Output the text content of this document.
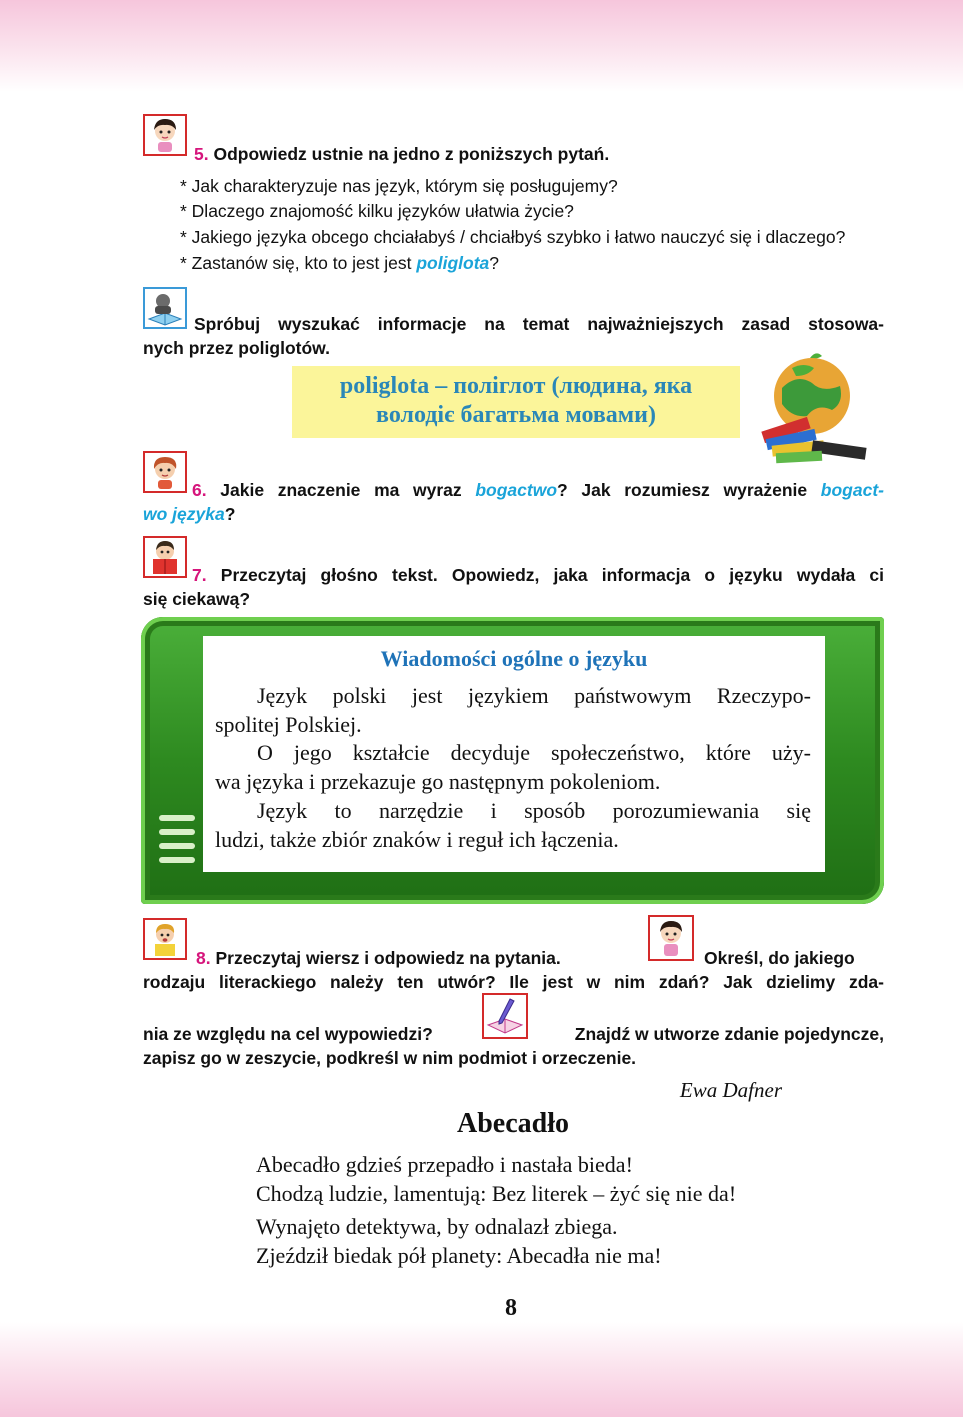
5. Odpowiedz ustnie na jedno z poniższych pytań.
* Jak charakteryzuje nas język, którym się posługujemy?
* Dlaczego znajomość kilku języków ułatwia życie?
* Jakiego języka obcego chciałabyś / chciałbyś szybko i łatwo nauczyć się i dlaczego?
* Zastanów się, kto to jest jest poliglota?
Spróbuj wyszukać informacje na temat najważniejszych zasad stosowa-
nych przez poliglotów.
poliglota – поліглот (людина, яка
володіє багатьма мовами)
6. Jakie znaczenie ma wyraz bogactwo? Jak rozumiesz wyrażenie bogact-
wo języka?
7. Przeczytaj głośno tekst. Opowiedz, jaka informacja o języku wydała ci
się ciekawą?
Wiadomości ogólne o języku
Język polski jest językiem państwowym Rzeczypo-
spolitej Polskiej.
O jego kształcie decyduje społeczeństwo, które uży-
wa języka i przekazuje go następnym pokoleniom.
Język to narzędzie i sposób porozumiewania się
ludzi, także zbiór znaków i reguł ich łączenia.
8. Przeczytaj wiersz i odpowiedz na pytania.	Określ, do jakiego
rodzaju literackiego należy ten utwór? Ile jest w nim zdań? Jak dzielimy zda-
nia ze względu na cel wypowiedzi?	Znajdź w utworze zdanie pojedyncze,
zapisz go w zeszycie, podkreśl w nim podmiot i orzeczenie.
Ewa Dafner
Abecadło
Abecadło gdzieś przepadło i nastała bieda!
Chodzą ludzie, lamentują: Bez literek – żyć się nie da!
Wynajęto detektywa, by odnalazł zbiega.
Zjeździł biedak pół planety: Abecadła nie ma!
8
